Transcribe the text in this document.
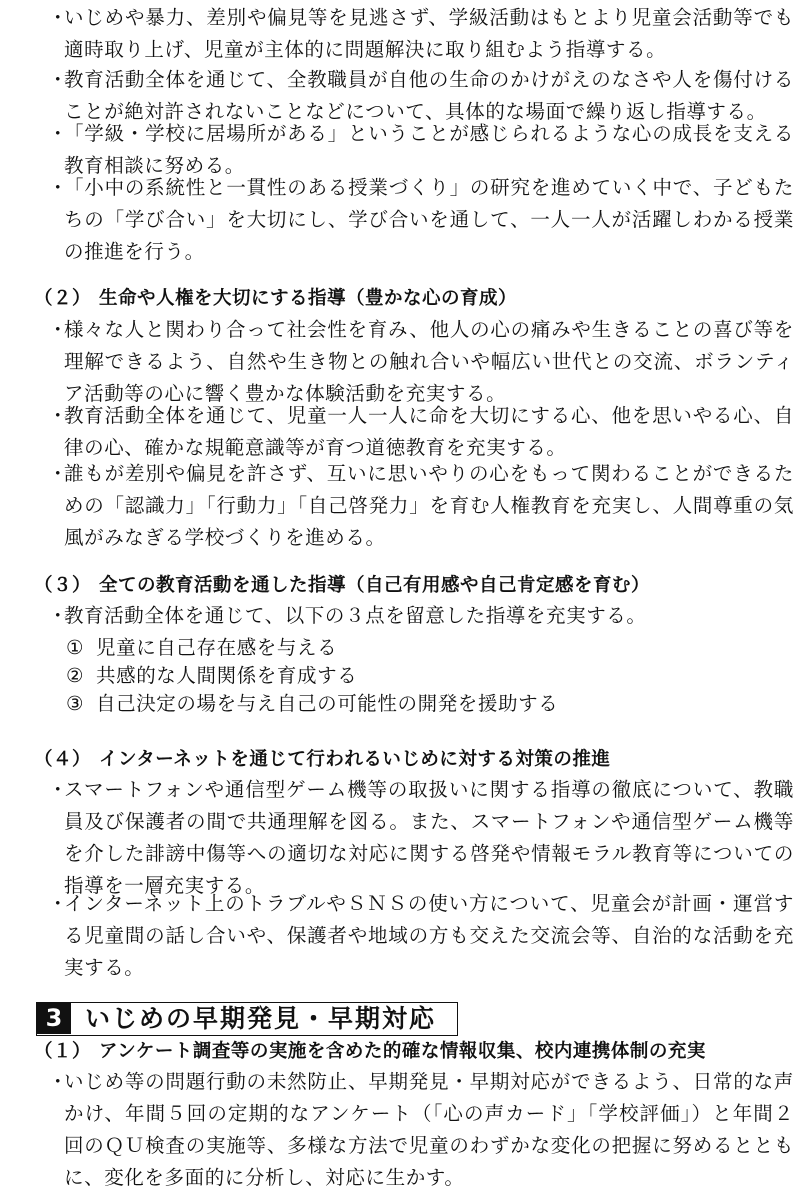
・
いじめや暴力、差別や偏見等を見逃さず、学級活動はもとより児童会活動等でも適時取り上げ、児童が主体的に問題解決に取り組むよう指導する。
・
教育活動全体を通じて、全教職員が自他の生命のかけがえのなさや人を傷付けることが絶対許されないことなどについて、具体的な場面で繰り返し指導する。
・
「学級・学校に居場所がある」ということが感じられるような心の成長を支える教育相談に努める。
・
「小中の系統性と一貫性のある授業づくり」の研究を進めていく中で、子どもたちの「学び合い」を大切にし、学び合いを通して、一人一人が活躍しわかる授業の推進を行う。
（２） 生命や人権を大切にする指導（豊かな心の育成）
・
様々な人と関わり合って社会性を育み、他人の心の痛みや生きることの喜び等を理解できるよう、自然や生き物との触れ合いや幅広い世代との交流、ボランティア活動等の心に響く豊かな体験活動を充実する。
・
教育活動全体を通じて、児童一人一人に命を大切にする心、他を思いやる心、自律の心、確かな規範意識等が育つ道徳教育を充実する。
・
誰もが差別や偏見を許さず、互いに思いやりの心をもって関わることができるための「認識力」「行動力」「自己啓発力」を育む人権教育を充実し、人間尊重の気風がみなぎる学校づくりを進める。
（３） 全ての教育活動を通した指導（自己有用感や自己肯定感を育む）
・
教育活動全体を通じて、以下の３点を留意した指導を充実する。
① 児童に自己存在感を与える
② 共感的な人間関係を育成する
③ 自己決定の場を与え自己の可能性の開発を援助する
（４） インターネットを通じて行われるいじめに対する対策の推進
・
スマートフォンや通信型ゲーム機等の取扱いに関する指導の徹底について、教職員及び保護者の間で共通理解を図る。また、スマートフォンや通信型ゲーム機等を介した誹謗中傷等への適切な対応に関する啓発や情報モラル教育等についての指導を一層充実する。
・
インターネット上のトラブルやＳＮＳの使い方について、児童会が計画・運営する児童間の話し合いや、保護者や地域の方も交えた交流会等、自治的な活動を充実する。
3 いじめの早期発見・早期対応
（１） アンケート調査等の実施を含めた的確な情報収集、校内連携体制の充実
・
いじめ等の問題行動の未然防止、早期発見・早期対応ができるよう、日常的な声かけ、年間５回の定期的なアンケート（「心の声カード」「学校評価」）と年間２回のＱＵ検査の実施等、多様な方法で児童のわずかな変化の把握に努めるとともに、変化を多面的に分析し、対応に生かす。
